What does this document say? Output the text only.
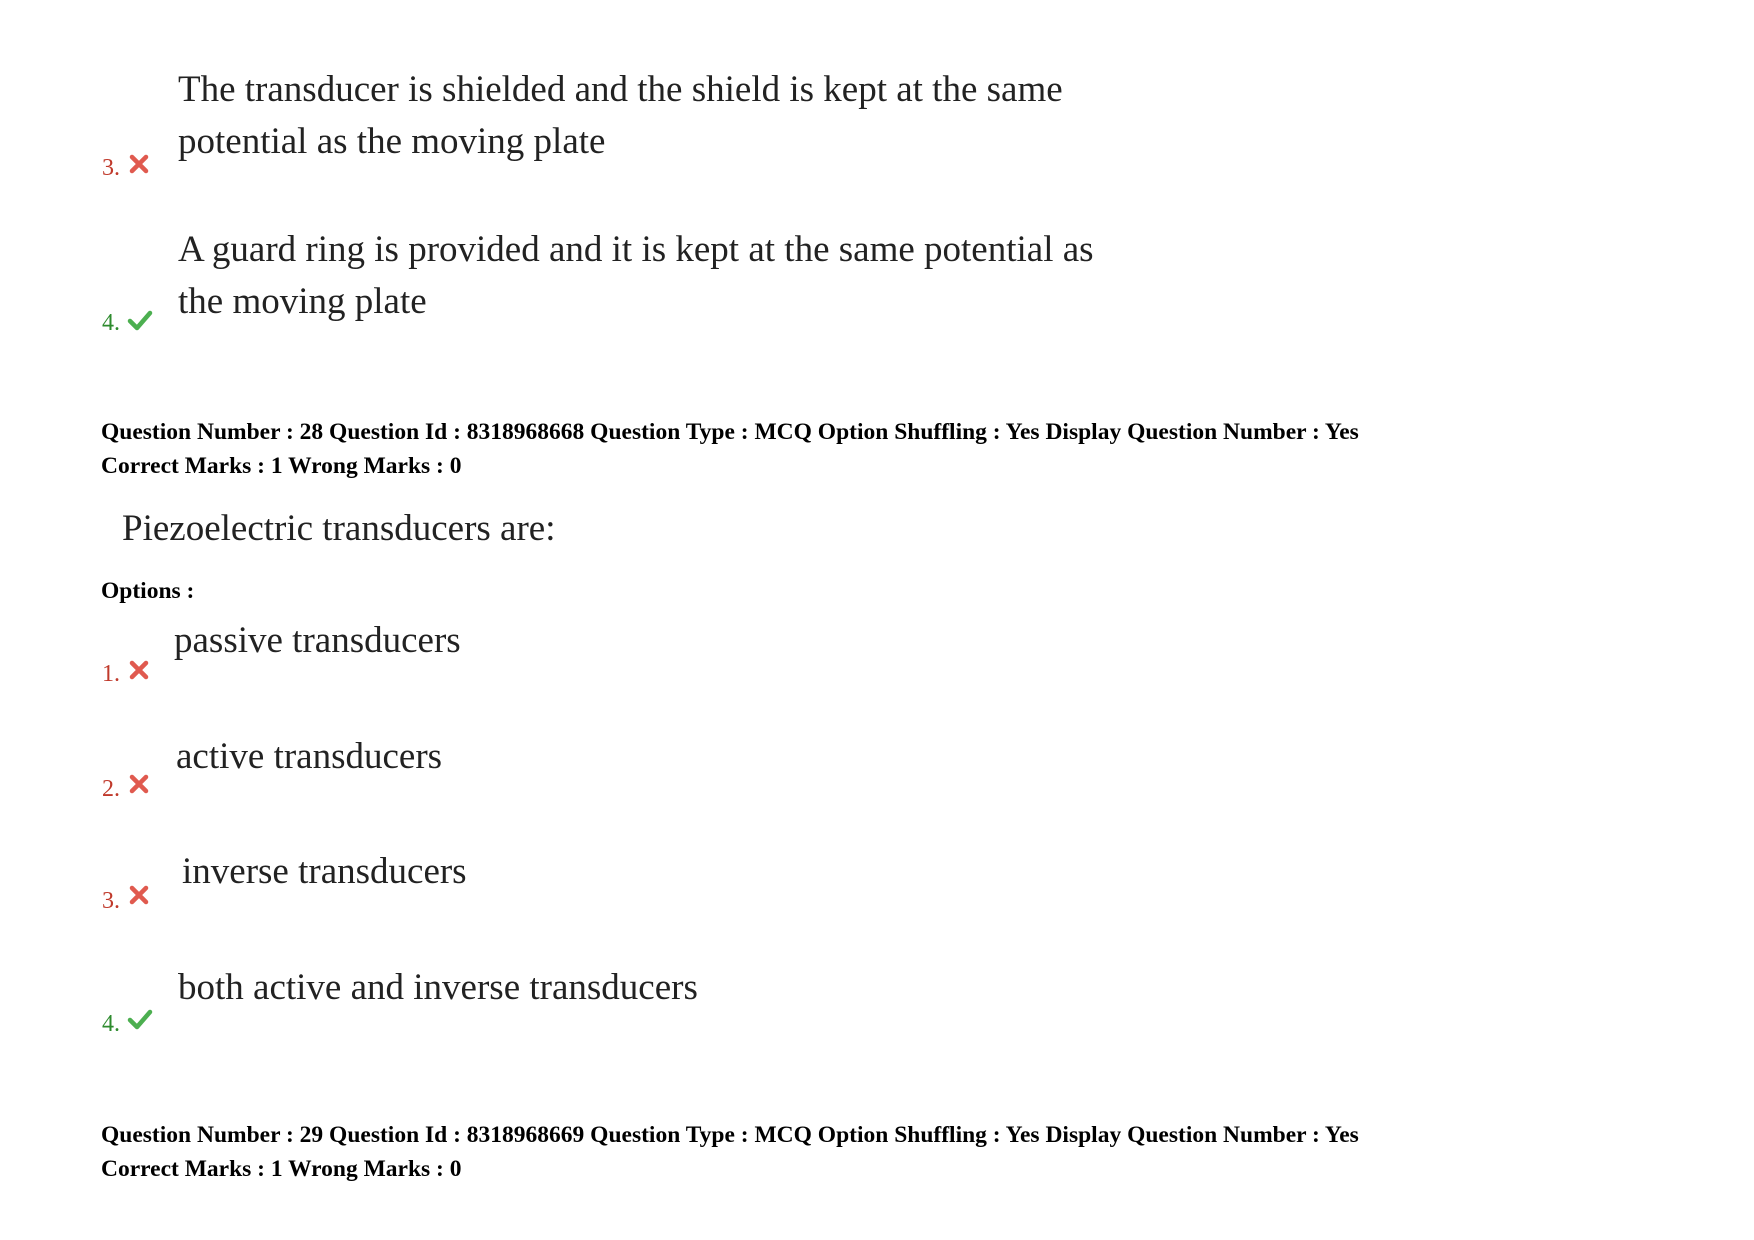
The transducer is shielded and the shield is kept at the same
potential as the moving plate
3.
A guard ring is provided and it is kept at the same potential as
the moving plate
4.
Question Number : 28 Question Id : 8318968668 Question Type : MCQ Option Shuffling : Yes Display Question Number : Yes
Correct Marks : 1 Wrong Marks : 0
Piezoelectric transducers are:
Options :
passive transducers
1.
active transducers
2.
inverse transducers
3.
both active and inverse transducers
4.
Question Number : 29 Question Id : 8318968669 Question Type : MCQ Option Shuffling : Yes Display Question Number : Yes
Correct Marks : 1 Wrong Marks : 0
